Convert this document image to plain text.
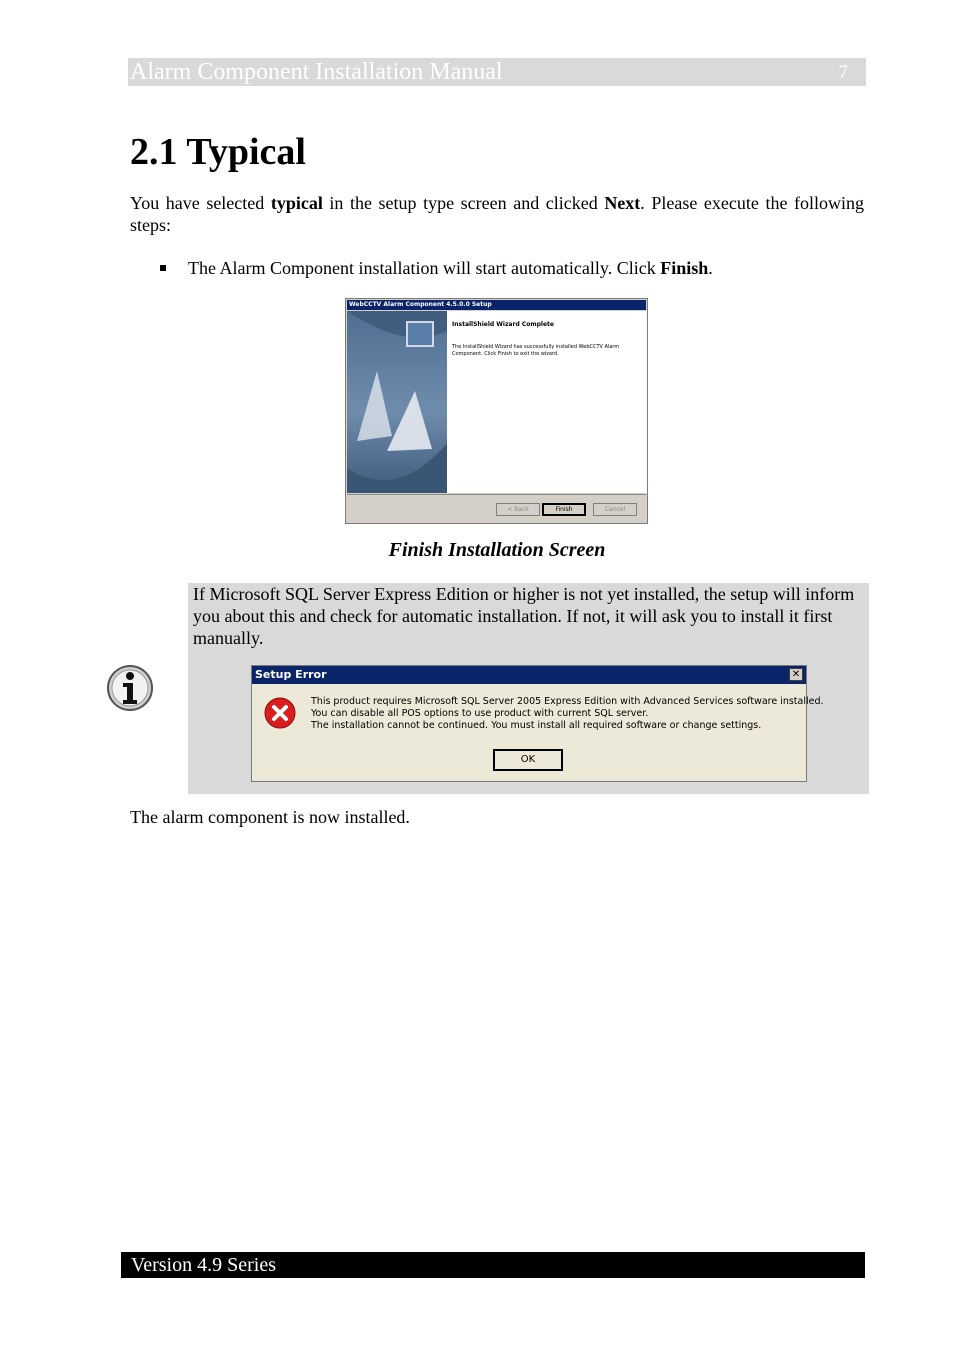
Alarm Component Installation Manual	7
2.1 Typical

You have selected typical in the setup type screen and clicked Next. Please execute the following steps:

The Alarm Component installation will start automatically. Click Finish.
WebCCTV Alarm Component 4.5.0.0 Setup
InstallShield Wizard Complete
The InstallShield Wizard has successfully installed WebCCTV Alarm Component. Click Finish to exit the wizard.
< Back	Finish	Cancel
Finish Installation Screen

If Microsoft SQL Server Express Edition or higher is not yet installed, the setup will inform you about this and check for automatic installation. If not, it will ask you to install it first manually.

Setup Error	✕
This product requires Microsoft SQL Server 2005 Express Edition with Advanced Services software installed.
You can disable all POS options to use product with current SQL server.
The installation cannot be continued. You must install all required software or change settings.
OK

The alarm component is now installed.

Version 4.9 Series
